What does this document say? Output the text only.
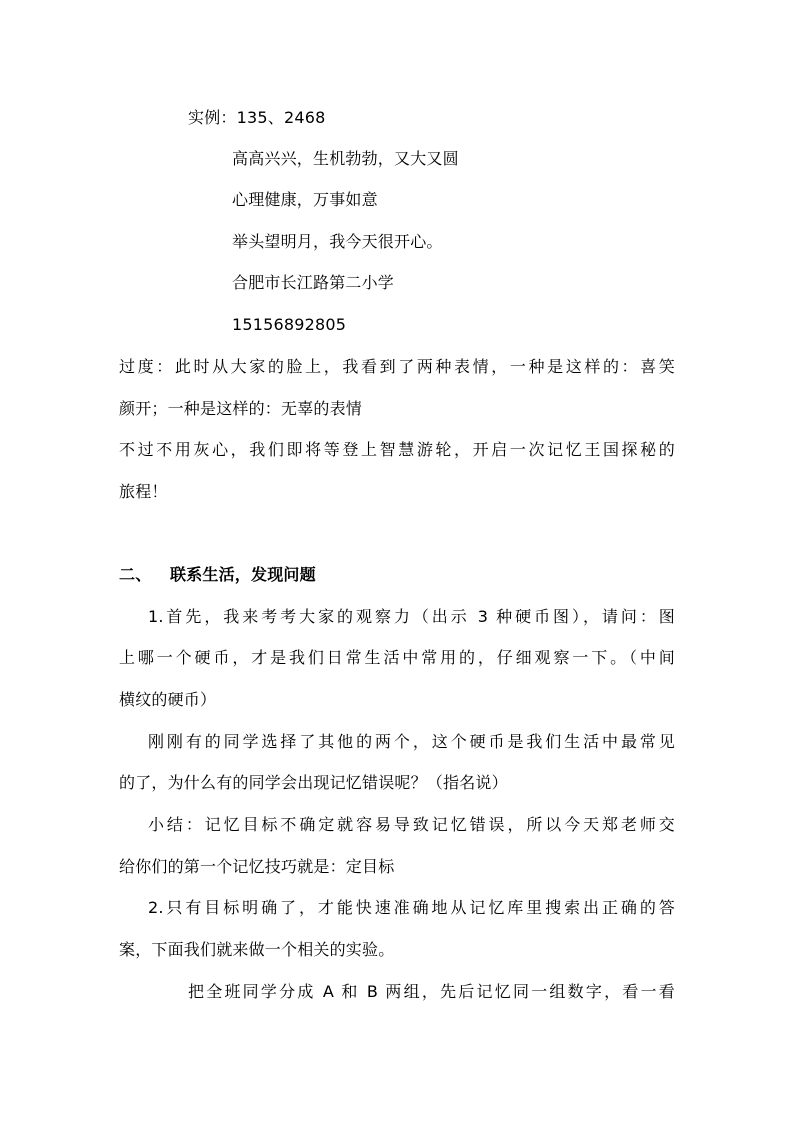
实例：135、2468
高高兴兴，生机勃勃，又大又圆
心理健康，万事如意
举头望明月，我今天很开心。
合肥市长江路第二小学
15156892805
过度：此时从大家的脸上，我看到了两种表情，一种是这样的：喜笑
颜开；一种是这样的：无辜的表情
不过不用灰心，我们即将等登上智慧游轮，开启一次记忆王国探秘的
旅程！
二、 联系生活，发现问题
1.首先，我来考考大家的观察力（出示 3 种硬币图），请问：图
上哪一个硬币，才是我们日常生活中常用的，仔细观察一下。（中间
横纹的硬币）
刚刚有的同学选择了其他的两个，这个硬币是我们生活中最常见
的了，为什么有的同学会出现记忆错误呢？（指名说）
小结：记忆目标不确定就容易导致记忆错误，所以今天郑老师交
给你们的第一个记忆技巧就是：定目标
2.只有目标明确了，才能快速准确地从记忆库里搜索出正确的答
案，下面我们就来做一个相关的实验。
把全班同学分成 A 和 B 两组，先后记忆同一组数字，看一看
